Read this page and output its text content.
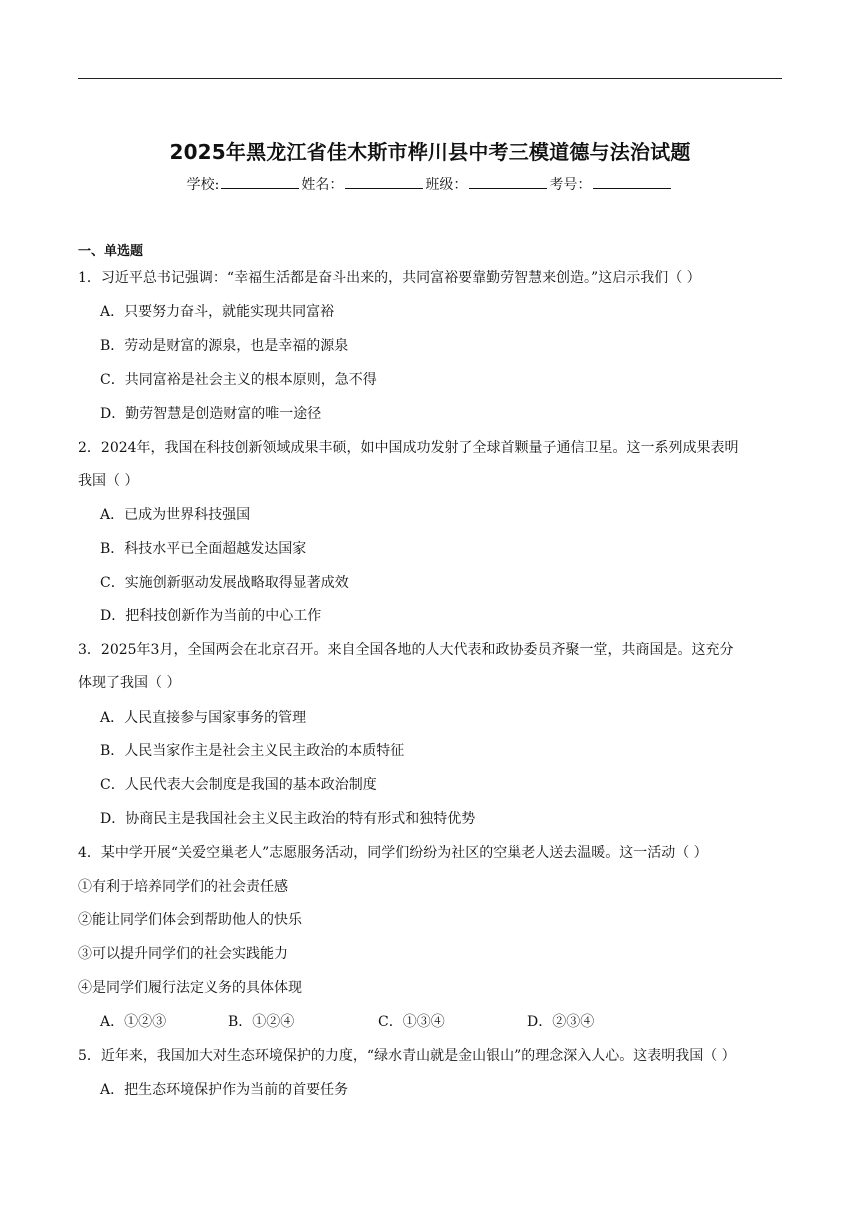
2025年黑龙江省佳木斯市桦川县中考三模道德与法治试题
学校:	姓名：	班级：	考号：
一、单选题
1．习近平总书记强调：“幸福生活都是奋斗出来的，共同富裕要靠勤劳智慧来创造。”这启示我们（ ）
A．只要努力奋斗，就能实现共同富裕
B．劳动是财富的源泉，也是幸福的源泉
C．共同富裕是社会主义的根本原则，急不得
D．勤劳智慧是创造财富的唯一途径
2．2024年，我国在科技创新领域成果丰硕，如中国成功发射了全球首颗量子通信卫星。这一系列成果表明
我国（ ）
A．已成为世界科技强国
B．科技水平已全面超越发达国家
C．实施创新驱动发展战略取得显著成效
D．把科技创新作为当前的中心工作
3．2025年3月，全国两会在北京召开。来自全国各地的人大代表和政协委员齐聚一堂，共商国是。这充分
体现了我国（ ）
A．人民直接参与国家事务的管理
B．人民当家作主是社会主义民主政治的本质特征
C．人民代表大会制度是我国的基本政治制度
D．协商民主是我国社会主义民主政治的特有形式和独特优势
4．某中学开展“关爱空巢老人”志愿服务活动，同学们纷纷为社区的空巢老人送去温暖。这一活动（ ）
①有利于培养同学们的社会责任感
②能让同学们体会到帮助他人的快乐
③可以提升同学们的社会实践能力
④是同学们履行法定义务的具体体现
A．①②③	B．①②④	C．①③④	D．②③④
5．近年来，我国加大对生态环境保护的力度，“绿水青山就是金山银山”的理念深入人心。这表明我国（ ）
A．把生态环境保护作为当前的首要任务
